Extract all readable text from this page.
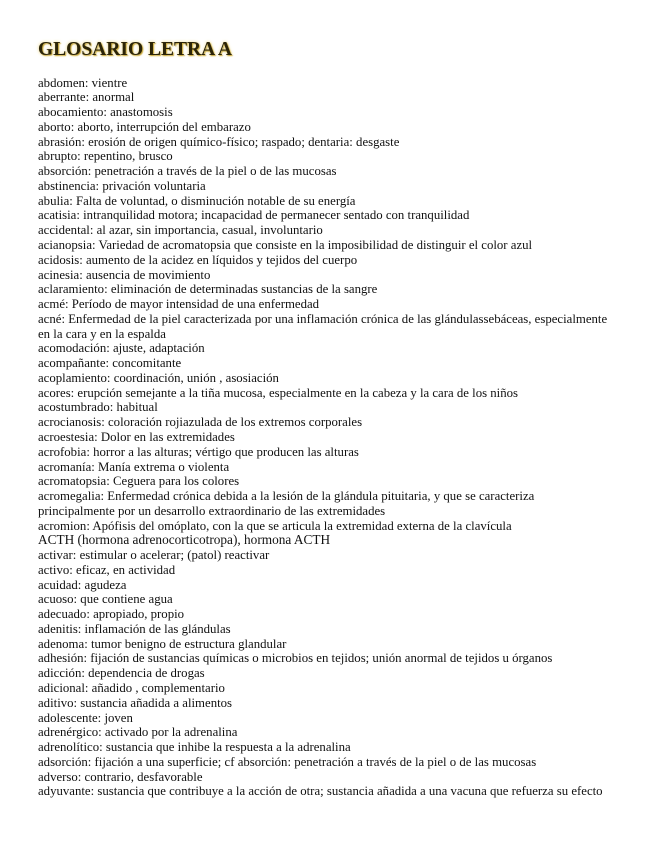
GLOSARIO LETRA A
abdomen: vientre
aberrante: anormal
abocamiento: anastomosis
aborto: aborto, interrupción del embarazo
abrasión: erosión de origen químico-físico; raspado; dentaria: desgaste
abrupto: repentino, brusco
absorción: penetración a través de la piel o de las mucosas
abstinencia: privación voluntaria
abulia: Falta de voluntad, o disminución notable de su energía
acatisia: intranquilidad motora; incapacidad de permanecer sentado con tranquilidad
accidental: al azar, sin importancia, casual, involuntario
acianopsia: Variedad de acromatopsia que consiste en la imposibilidad de distinguir el color azul
acidosis: aumento de la acidez en líquidos y tejidos del cuerpo
acinesia: ausencia de movimiento
aclaramiento: eliminación de determinadas sustancias de la sangre
acmé: Período de mayor intensidad de una enfermedad
acné: Enfermedad de la piel caracterizada por una inflamación crónica de las glándulassebáceas, especialmente
en la cara y en la espalda
acomodación: ajuste, adaptación
acompañante: concomitante
acoplamiento: coordinación, unión , asosiación
acores: erupción semejante a la tiña mucosa, especialmente en la cabeza y la cara de los niños
acostumbrado: habitual
acrocianosis: coloración rojiazulada de los extremos corporales
acroestesia: Dolor en las extremidades
acrofobia: horror a las alturas; vértigo que producen las alturas
acromanía: Manía extrema o violenta
acromatopsia: Ceguera para los colores
acromegalia: Enfermedad crónica debida a la lesión de la glándula pituitaria, y que se caracteriza
principalmente por un desarrollo extraordinario de las extremidades
acromion: Apófisis del omóplato, con la que se articula la extremidad externa de la clavícula
ACTH (hormona adrenocorticotropa), hormona ACTH
activar: estimular o acelerar; (patol) reactivar
activo: eficaz, en actividad
acuidad: agudeza
acuoso: que contiene agua
adecuado: apropiado, propio
adenitis: inflamación de las glándulas
adenoma: tumor benigno de estructura glandular
adhesión: fijación de sustancias químicas o microbios en tejidos; unión anormal de tejidos u órganos
adicción: dependencia de drogas
adicional: añadido , complementario
aditivo: sustancia añadida a alimentos
adolescente: joven
adrenérgico: activado por la adrenalina
adrenolítico: sustancia que inhibe la respuesta a la adrenalina
adsorción: fijación a una superficie; cf absorción: penetración a través de la piel o de las mucosas
adverso: contrario, desfavorable
adyuvante: sustancia que contribuye a la acción de otra; sustancia añadida a una vacuna que refuerza su efecto
